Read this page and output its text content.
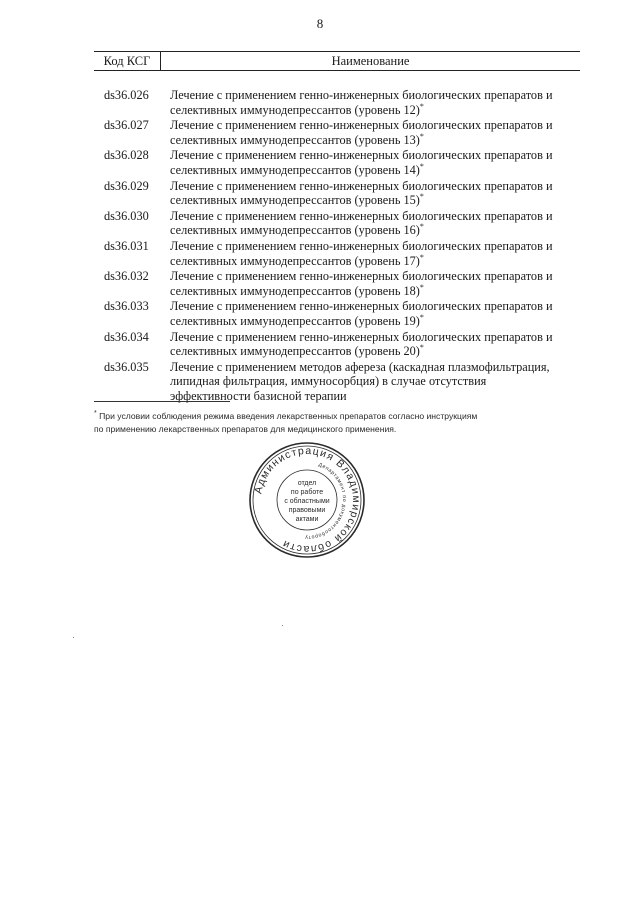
8
Код КСГ	Наименование
ds36.026	Лечение с применением генно-инженерных биологических препаратов и
селективных иммунодепрессантов (уровень 12)*
ds36.027	Лечение с применением генно-инженерных биологических препаратов и
селективных иммунодепрессантов (уровень 13)*
ds36.028	Лечение с применением генно-инженерных биологических препаратов и
селективных иммунодепрессантов (уровень 14)*
ds36.029	Лечение с применением генно-инженерных биологических препаратов и
селективных иммунодепрессантов (уровень 15)*
ds36.030	Лечение с применением генно-инженерных биологических препаратов и
селективных иммунодепрессантов (уровень 16)*
ds36.031	Лечение с применением генно-инженерных биологических препаратов и
селективных иммунодепрессантов (уровень 17)*
ds36.032	Лечение с применением генно-инженерных биологических препаратов и
селективных иммунодепрессантов (уровень 18)*
ds36.033	Лечение с применением генно-инженерных биологических препаратов и
селективных иммунодепрессантов (уровень 19)*
ds36.034	Лечение с применением генно-инженерных биологических препаратов и
селективных иммунодепрессантов (уровень 20)*
ds36.035	Лечение с применением методов афереза (каскадная плазмофильтрация,
липидная фильтрация, иммуносорбция) в случае отсутствия
эффективности базисной терапии
* При условии соблюдения режима введения лекарственных препаратов согласно инструкциям
по применению лекарственных препаратов для медицинского применения.
Администрация Владимирской области
Департамент по документообороту
отдел
по работе
с областными
правовыми
актами
